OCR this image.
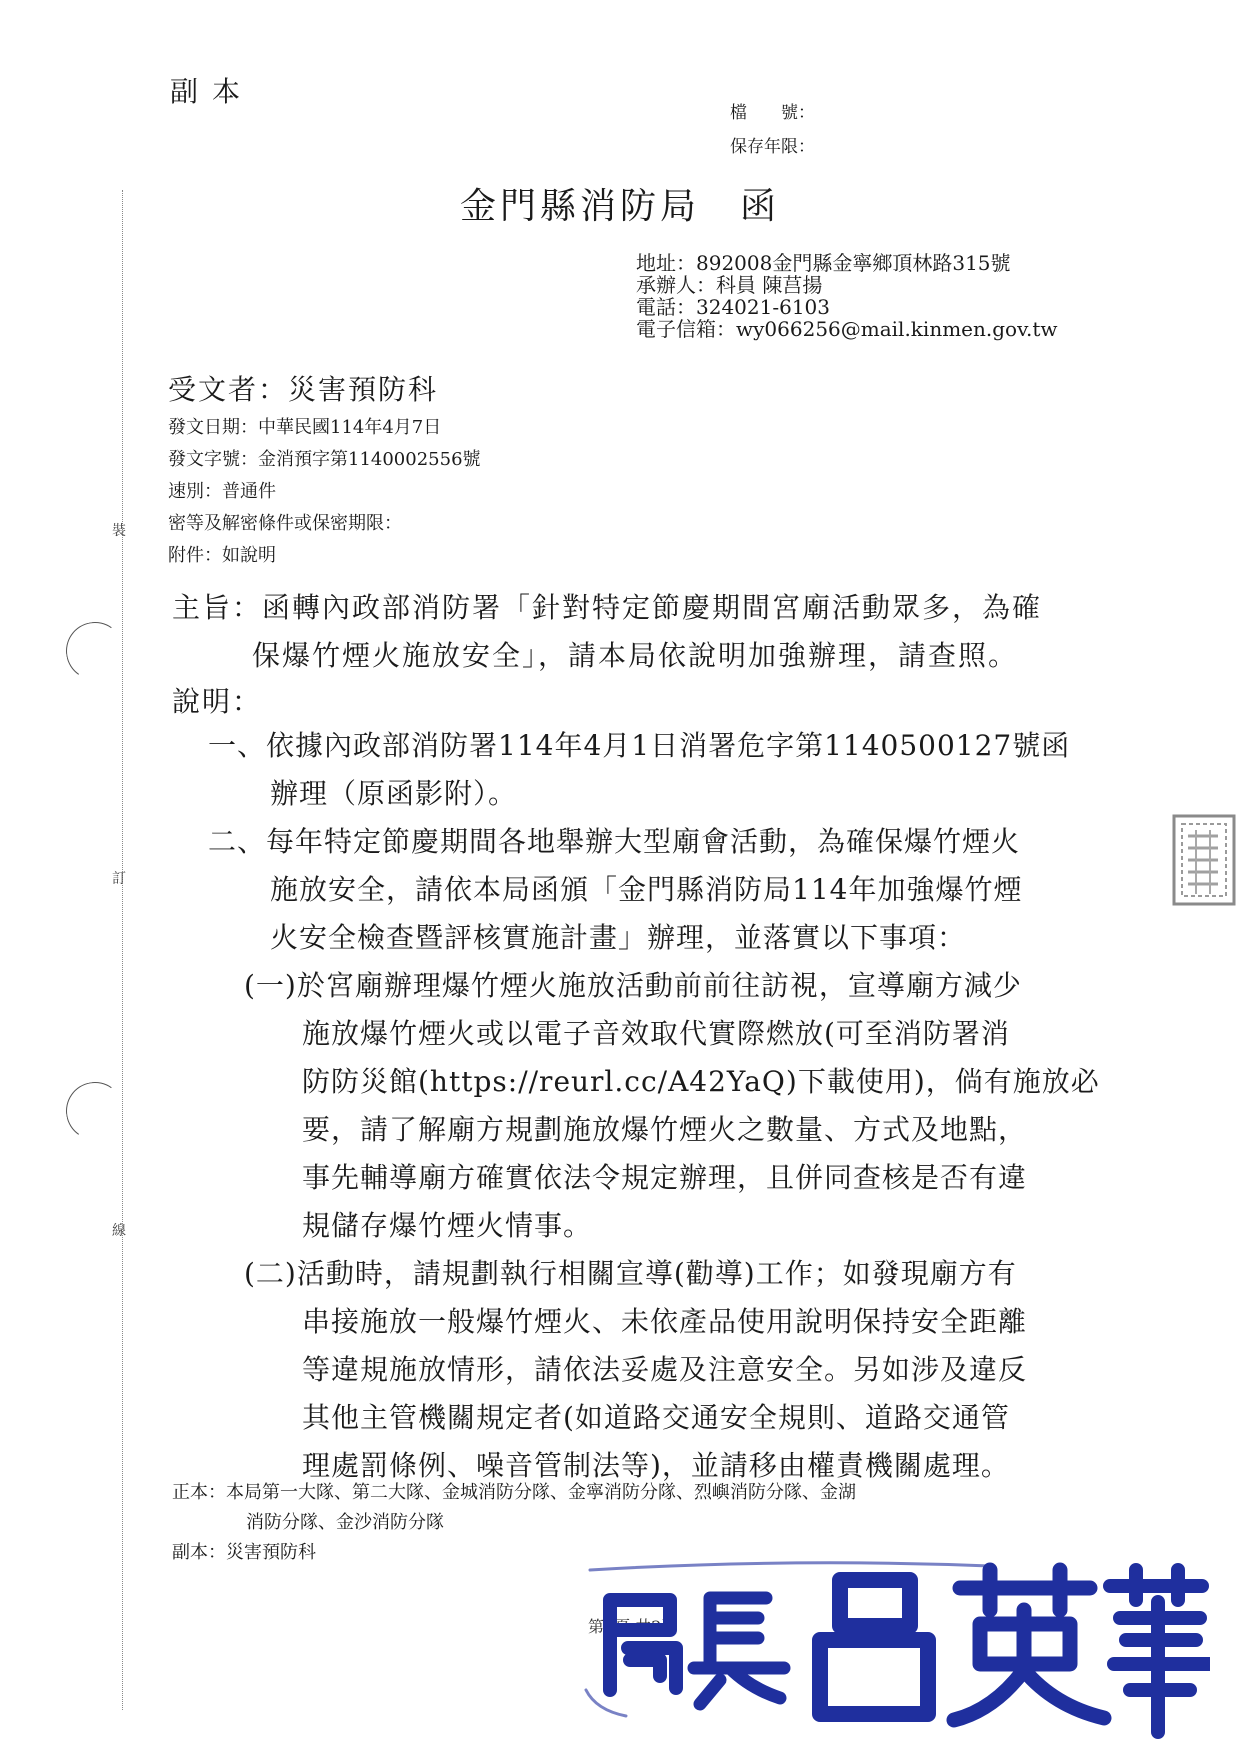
裝
訂
線
副本
檔　　號：
保存年限：
金門縣消防局 函
地址：892008金門縣金寧鄉頂林路315號
承辦人：科員 陳莒揚
電話：324021-6103
電子信箱：wy066256@mail.kinmen.gov.tw
受文者：災害預防科
發文日期：中華民國114年4月7日
發文字號：金消預字第1140002556號
速別：普通件
密等及解密條件或保密期限：
附件：如說明
主旨：函轉內政部消防署「針對特定節慶期間宮廟活動眾多，為確
保爆竹煙火施放安全」，請本局依說明加強辦理，請查照。
說明：
一、依據內政部消防署114年4月1日消署危字第1140500127號函
辦理（原函影附）。
二、每年特定節慶期間各地舉辦大型廟會活動，為確保爆竹煙火
施放安全，請依本局函頒「金門縣消防局114年加強爆竹煙
火安全檢查暨評核實施計畫」辦理，並落實以下事項：
(一)於宮廟辦理爆竹煙火施放活動前前往訪視，宣導廟方減少
施放爆竹煙火或以電子音效取代實際燃放(可至消防署消
防防災館(https://reurl.cc/A42YaQ)下載使用)，倘有施放必
要，請了解廟方規劃施放爆竹煙火之數量、方式及地點，
事先輔導廟方確實依法令規定辦理，且併同查核是否有違
規儲存爆竹煙火情事。
(二)活動時，請規劃執行相關宣導(勸導)工作；如發現廟方有
串接施放一般爆竹煙火、未依產品使用說明保持安全距離
等違規施放情形，請依法妥處及注意安全。另如涉及違反
其他主管機關規定者(如道路交通安全規則、道路交通管
理處罰條例、噪音管制法等)，並請移由權責機關處理。
正本：本局第一大隊、第二大隊、金城消防分隊、金寧消防分隊、烈嶼消防分隊、金湖
消防分隊、金沙消防分隊
副本：災害預防科
第1頁 共2頁
